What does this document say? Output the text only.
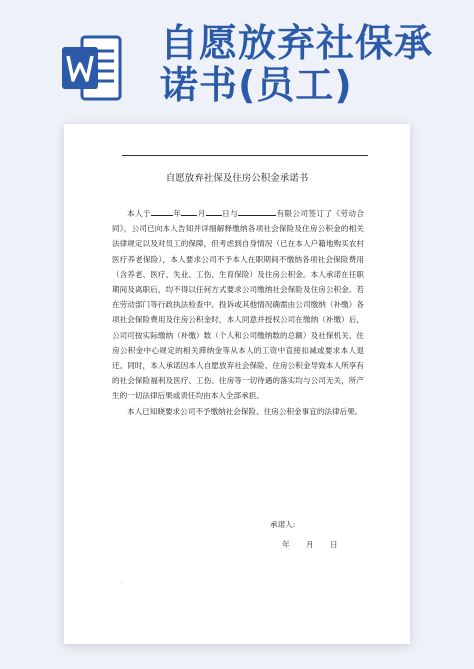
自愿放弃社保承诺书(员工)
自愿放弃社保及住房公积金承诺书

本人于	年 月 日与	有限公司签订了《劳动合同》，公司已向本人告知并详细解释缴纳各项社会保险及住房公积金的相关法律规定以及对员工的保障，但考虑到自身情况（已在本人户籍地购买农村医疗养老保险），本人要求公司不予本人在职期间不缴纳各项社会保险费用（含养老、医疗、失业、工伤、生育保险）及住房公积金。本人承诺在任职期间及离职后，均不得以任何方式要求公司缴纳社会保险及住房公积金。若在劳动部门等行政执法检查中、投诉或其他情况确需由公司缴纳（补缴）各项社会保险费用及住房公积金时，本人同意并授权公司在缴纳（补缴）后，公司可按实际缴纳（补缴）数（个人和公司缴纳数的总额）及社保机关、住房公积金中心规定的相关滞纳金等从本人的工资中直接扣减或要求本人退还。同时，本人承诺因本人自愿放弃社会保险、住房公积金导致本人所享有的社会保险福利及医疗、工伤、住房等一切待遇的落实均与公司无关，所产生的一切法律后果或责任均由本人全部承担。

本人已知晓要求公司不予缴纳社会保险、住房公积金事宜的法律后果。

承诺人:
年 月 日
◦
